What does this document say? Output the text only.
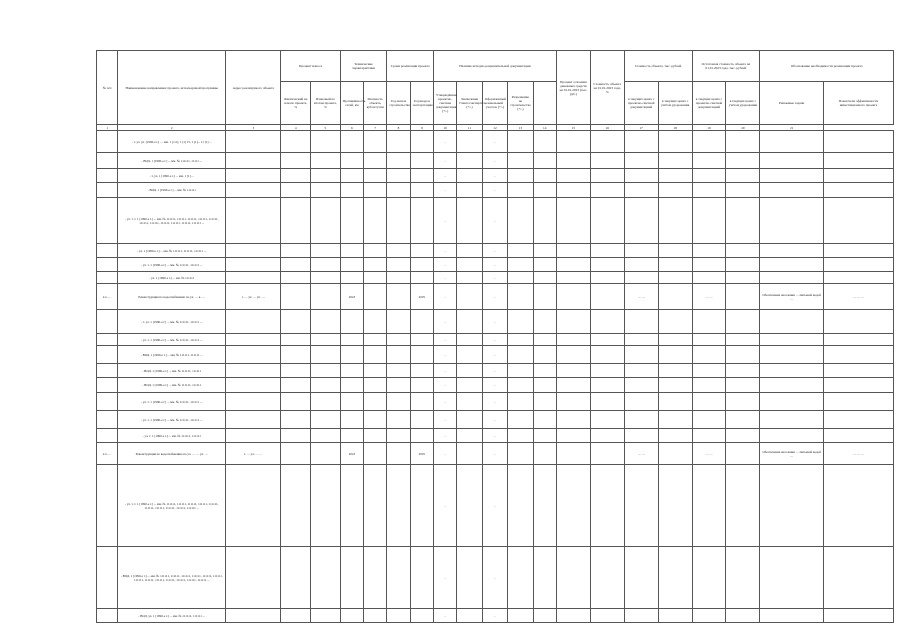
№ п/п	Наименование направления/ проекта, используемой программы	Адрес реализуемого объекта	Процент износа		Технические характеристики		Сроки реализации проекта		Наличие исходно-разрешительной документации					Процент освоения денежных средств на 01.01.2023 (тыс. руб.)	Стоимость объекта на 01.01.2023 года, %	Стоимость объекта, тыс. рублей		Остаточная стоимость объекта на 01.01.2023 года, тыс. рублей		Обоснование необходимости реализации проекта	
			Фактический на начало проекта, %	Плановый по итогам проекта, %	Протяжённость сетей, км	Мощность объекта, куб.м/сутки	Год начала строительства	Год ввода в эксплуатацию	Утверждённая проектно-сметная документация (+/-)	Заключение Главгосэкспертизы (+/-)	Оформленный земельный участок (+/-)	Разрешение на строительство (+/-)				в текущих ценах с проектно-сметной документацией	в текущих ценах с учётом удорожания	в текущих ценах с проектно-сметной документацией	в текущих ценах с учётом удорожания	Решаемые задачи	Показатели эффективности инвестиционного проекта
1	2	3	4	5	6	7	8	9	10	11	12	13	14	15	16	17	18	19	20	21	
	- т. ул. ул. [1990-е г.] … мм. 1 [1 п], 1 [1] 15, 1 [1]... 11 [1] ...								-		-										
	- ВОД. 1 [1990-е г.] ... мм. № 111111, 11111 ...								-		-										
	- т. ул. 1 [1990-е г.] ... мм. 1 [1] ...								-		-										
	- ВОД. 1 [1990-е г.] ... мм. № 111111								-		-										
	- ул. т. т. 1 [1990-е г.] ... мм. № 111111, 111111, 111111, 111111, 111111, 111111, 111111, 111111, 111111, 111111, 111111 ...								-		-										
	- ул. 1 [1990-е г.] ... мм. № 111111, 111111, 111111 ...								-		-										
	- ул. т. 1 [1990-е г.] ... мм. № 111111, 111111 ...								-		-										
	- ул. 1 [1990-е г.] ... мм. № 111111								-		-										
2.x. …	Реконструкция по водоснабжению по ул. … к. …	г. … ул. … ул. …			2023			2025	-		-					… …		… …		Обеспечение населения … питьевой водой …	… … …
	- т. ул. 1 [1990-е г.] ... мм. № 111111, 111111 ...								-		-										
	- ул. т. 1 [1990-е г.] ... мм. № 111111, 111111 ...								-		-										
	- ВОД. 1 [1990-е г.] ... мм. № 111111, 111111 ...								-		-										
	- ВОД. 1 [1990-е г.] ... мм. № 111111, 111111								-		-										
	- ВОД. 1 [1990-е г.] ... мм. № 111111, 111111								-		-										
	- ул. т. 1 [1990-е г.] ... мм. № 111111, 111111 ...								-		-										
	- ул. т. 1 [1990-е г.] ... мм. № 111111, 111111 ...								-		-										
	- ул. т. 1 [1990-е г.] ... мм. № 111111, 111111								-		-										
2.x. …	Реконструкция по водоснабжению по ул. … … ул. …	г. … ул. … …			2023			2025	-		-					… …		… …		Обеспечение населения … питьевой водой …	… … …
	- ул. т. т. 1 [1990-е г.] ... мм. № 111111, 111111, 111111, 111111, 111111, 111111, 111111, 111111, 111111, 111111 ...								-		-										
	- ВОД. 1 [1990-е г.] ... мм. № 111111, 111111, 111111, 111111, 111111, 111111, 111111, 111111, 111111, 111111, 111111, 111111, 111111 ...								-		-										
	- ВОД. ул. 1 [1990-е г.] ... мм. № 111111, 111111 ...								-		-										
